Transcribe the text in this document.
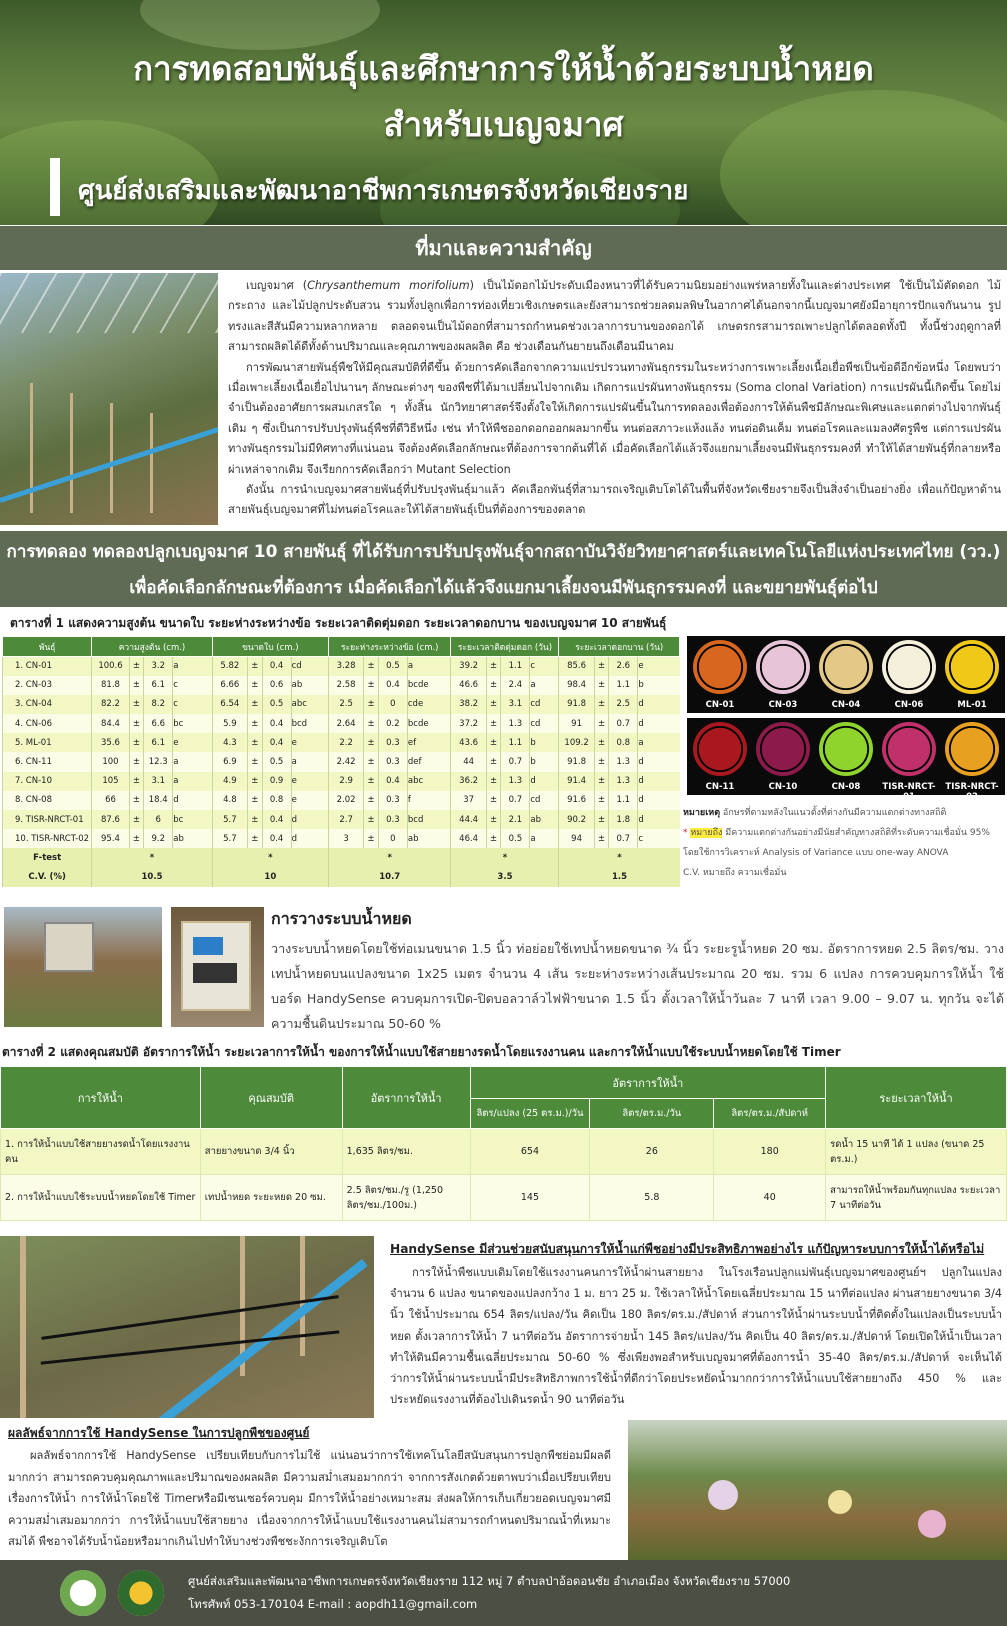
การทดสอบพันธุ์และศึกษาการให้น้ำด้วยระบบน้ำหยด
สำหรับเบญจมาศ
ศูนย์ส่งเสริมและพัฒนาอาชีพการเกษตรจังหวัดเชียงราย
ที่มาและความสำคัญ

เบญจมาศ (Chrysanthemum morifolium) เป็นไม้ดอกไม้ประดับเมืองหนาวที่ได้รับความนิยมอย่างแพร่หลายทั้งในและต่างประเทศ ใช้เป็นไม้ตัดดอก ไม้กระถาง และไม้ปลูกประดับสวน รวมทั้งปลูกเพื่อการท่องเที่ยวเชิงเกษตรและยังสามารถช่วยลดมลพิษในอากาศได้นอกจากนี้เบญจมาศยังมีอายุการปักแจกันนาน รูปทรงและสีสันมีความหลากหลาย ตลอดจนเป็นไม้ดอกที่สามารถกำหนดช่วงเวลาการบานของดอกได้ เกษตรกรสามารถเพาะปลูกได้ตลอดทั้งปี ทั้งนี้ช่วงฤดูกาลที่สามารถผลิตได้ดีทั้งด้านปริมาณและคุณภาพของผลผลิต คือ ช่วงเดือนกันยายนถึงเดือนมีนาคม

การพัฒนาสายพันธุ์พืชให้มีคุณสมบัติที่ดีขึ้น ด้วยการคัดเลือกจากความแปรปรวนทางพันธุกรรมในระหว่างการเพาะเลี้ยงเนื้อเยื่อพืชเป็นข้อดีอีกข้อหนึ่ง โดยพบว่าเมื่อเพาะเลี้ยงเนื้อเยื่อไปนานๆ ลักษณะต่างๆ ของพืชที่ได้มาเปลี่ยนไปจากเดิม เกิดการแปรผันทางพันธุกรรม (Soma clonal Variation) การแปรผันนี้เกิดขึ้น โดยไม่จำเป็นต้องอาศัยการผสมเกสรใด ๆ ทั้งสิ้น นักวิทยาศาสตร์จึงตั้งใจให้เกิดการแปรผันขึ้นในการทดลองเพื่อต้องการให้ต้นพืชมีลักษณะพิเศษและแตกต่างไปจากพันธุ์เดิม ๆ ซึ่งเป็นการปรับปรุงพันธุ์พืชที่ดีวิธีหนึ่ง เช่น ทำให้พืชออกดอกออกผลมากขึ้น ทนต่อสภาวะแห้งแล้ง ทนต่อดินเค็ม ทนต่อโรคและแมลงศัตรูพืช แต่การแปรผันทางพันธุกรรมไม่มีทิศทางที่แน่นอน จึงต้องคัดเลือกลักษณะที่ต้องการจากต้นที่ได้ เมื่อคัดเลือกได้แล้วจึงแยกมาเลี้ยงจนมีพันธุกรรมคงที่ ทำให้ได้สายพันธุ์ที่กลายหรือผ่าเหล่าจากเดิม จึงเรียกการคัดเลือกว่า Mutant Selection

ดังนั้น การนำเบญจมาศสายพันธุ์ที่ปรับปรุงพันธุ์มาแล้ว คัดเลือกพันธุ์ที่สามารถเจริญเติบโตได้ในพื้นที่จังหวัดเชียงรายจึงเป็นสิ่งจำเป็นอย่างยิ่ง เพื่อแก้ปัญหาด้านสายพันธุ์เบญจมาศที่ไม่ทนต่อโรคและให้ได้สายพันธุ์เป็นที่ต้องการของตลาด

การทดลอง ทดลองปลูกเบญจมาศ 10 สายพันธุ์ ที่ได้รับการปรับปรุงพันธุ์จากสถาบันวิจัยวิทยาศาสตร์และเทคโนโลยีแห่งประเทศไทย (วว.)
เพื่อคัดเลือกลักษณะที่ต้องการ เมื่อคัดเลือกได้แล้วจึงแยกมาเลี้ยงจนมีพันธุกรรมคงที่ และขยายพันธุ์ต่อไป
ตารางที่ 1 แสดงความสูงต้น ขนาดใบ ระยะห่างระหว่างข้อ ระยะเวลาติดตุ่มดอก ระยะเวลาดอกบาน ของเบญจมาศ 10 สายพันธุ์
พันธุ์	ความสูงต้น (cm.)				ขนาดใบ (cm.)				ระยะห่างระหว่างข้อ (cm.)				ระยะเวลาติดตุ่มดอก (วัน)				ระยะเวลาดอกบาน (วัน)			
1. CN-01	100.6	±	3.2	a	5.82	±	0.4	cd	3.28	±	0.5	a	39.2	±	1.1	c	85.6	±	2.6	e
2. CN-03	81.8	±	6.1	c	6.66	±	0.6	ab	2.58	±	0.4	bcde	46.6	±	2.4	a	98.4	±	1.1	b
3. CN-04	82.2	±	8.2	c	6.54	±	0.5	abc	2.5	±	0	cde	38.2	±	3.1	cd	91.8	±	2.5	d
4. CN-06	84.4	±	6.6	bc	5.9	±	0.4	bcd	2.64	±	0.2	bcde	37.2	±	1.3	cd	91	±	0.7	d
5. ML-01	35.6	±	6.1	e	4.3	±	0.4	e	2.2	±	0.3	ef	43.6	±	1.1	b	109.2	±	0.8	a
6. CN-11	100	±	12.3	a	6.9	±	0.5	a	2.42	±	0.3	def	44	±	0.7	b	91.8	±	1.3	d
7. CN-10	105	±	3.1	a	4.9	±	0.9	e	2.9	±	0.4	abc	36.2	±	1.3	d	91.4	±	1.3	d
8. CN-08	66	±	18.4	d	4.8	±	0.8	e	2.02	±	0.3	f	37	±	0.7	cd	91.6	±	1.1	d
9. TISR-NRCT-01	87.6	±	6	bc	5.7	±	0.4	d	2.7	±	0.3	bcd	44.4	±	2.1	ab	90.2	±	1.8	d
10. TISR-NRCT-02	95.4	±	9.2	ab	5.7	±	0.4	d	3	±	0	ab	46.4	±	0.5	a	94	±	0.7	c
F-test	*				*				*				*				*			
C.V. (%)	10.5				10				10.7				3.5				1.5			
CN-01	CN-03	CN-04	CN-06	ML-01
CN-11	CN-10	CN-08	TISR-NRCT-01
TISR-NRCT-02
หมายเหตุ อักษรที่ตามหลังในแนวตั้งที่ต่างกันมีความแตกต่างทางสถิติ
* หมายถึง มีความแตกต่างกันอย่างมีนัยสำคัญทางสถิติที่ระดับความเชื่อมั่น 95%
โดยใช้การวิเคราะห์ Analysis of Variance แบบ one-way ANOVA
C.V. หมายถึง ความเชื่อมั่น
การวางระบบน้ำหยด
วางระบบน้ำหยดโดยใช้ท่อเมนขนาด 1.5 นิ้ว ท่อย่อยใช้เทปน้ำหยดขนาด ¾ นิ้ว ระยะรูน้ำหยด 20 ซม. อัตราการหยด 2.5 ลิตร/ชม. วางเทปน้ำหยดบนแปลงขนาด 1x25 เมตร จำนวน 4 เส้น ระยะห่างระหว่างเส้นประมาณ 20 ซม. รวม 6 แปลง การควบคุมการให้น้ำ ใช้บอร์ด HandySense ควบคุมการเปิด-ปิดบอลวาล์วไฟฟ้าขนาด 1.5 นิ้ว ตั้งเวลาให้น้ำวันละ 7 นาที เวลา 9.00 – 9.07 น. ทุกวัน จะได้ความชื้นดินประมาณ 50-60 %
ตารางที่ 2 แสดงคุณสมบัติ อัตราการให้น้ำ ระยะเวลาการให้น้ำ ของการให้น้ำแบบใช้สายยางรดน้ำโดยแรงงานคน และการให้น้ำแบบใช้ระบบน้ำหยดโดยใช้ Timer
การให้น้ำ	คุณสมบัติ	อัตราการให้น้ำ	อัตราการให้น้ำ			ระยะเวลาให้น้ำ
			ลิตร/แปลง (25 ตร.ม.)/วัน	ลิตร/ตร.ม./วัน	ลิตร/ตร.ม./สัปดาห์	
1. การให้น้ำแบบใช้สายยางรดน้ำโดยแรงงานคน	สายยางขนาด 3/4 นิ้ว	1,635 ลิตร/ชม.	654	26	180	รดน้ำ 15 นาที ได้ 1 แปลง (ขนาด 25 ตร.ม.)
2. การให้น้ำแบบใช้ระบบน้ำหยดโดยใช้ Timer	เทปน้ำหยด ระยะหยด 20 ซม.	2.5 ลิตร/ชม./รู (1,250 ลิตร/ชม./100ม.)	145	5.8	40	สามารถให้น้ำพร้อมกันทุกแปลง ระยะเวลา 7 นาทีต่อวัน
HandySense มีส่วนช่วยสนับสนุนการให้น้ำแก่พืชอย่างมีประสิทธิภาพอย่างไร แก้ปัญหาระบบการให้น้ำได้หรือไม่
การให้น้ำพืชแบบเดิมโดยใช้แรงงานคนการให้น้ำผ่านสายยาง ในโรงเรือนปลูกแม่พันธุ์เบญจมาศของศูนย์ฯ ปลูกในแปลงจำนวน 6 แปลง ขนาดของแปลงกว้าง 1 ม. ยาว 25 ม. ใช้เวลาให้น้ำโดยเฉลี่ยประมาณ 15 นาทีต่อแปลง ผ่านสายยางขนาด 3/4 นิ้ว ใช้น้ำประมาณ 654 ลิตร/แปลง/วัน คิดเป็น 180 ลิตร/ตร.ม./สัปดาห์ ส่วนการให้น้ำผ่านระบบน้ำที่ติดตั้งในแปลงเป็นระบบน้ำหยด ตั้งเวลาการให้น้ำ 7 นาทีต่อวัน อัตราการจ่ายน้ำ 145 ลิตร/แปลง/วัน คิดเป็น 40 ลิตร/ตร.ม./สัปดาห์ โดยเปิดให้น้ำเป็นเวลาทำให้ดินมีความชื้นเฉลี่ยประมาณ 50-60 % ซึ่งเพียงพอสำหรับเบญจมาศที่ต้องการน้ำ 35-40 ลิตร/ตร.ม./สัปดาห์ จะเห็นได้ว่าการให้น้ำผ่านระบบน้ำมีประสิทธิภาพการใช้น้ำที่ดีกว่าโดยประหยัดน้ำมากกว่าการให้น้ำแบบใช้สายยางถึง 450 % และประหยัดแรงงานที่ต้องไปเดินรดน้ำ 90 นาทีต่อวัน
ผลลัพธ์จากการใช้ HandySense ในการปลูกพืชของศูนย์
ผลลัพธ์จากการใช้ HandySense เปรียบเทียบกับการไม่ใช้ แน่นอนว่าการใช้เทคโนโลยีสนับสนุนการปลูกพืชย่อมมีผลดีมากกว่า สามารถควบคุมคุณภาพและปริมาณของผลผลิต มีความสม่ำเสมอมากกว่า จากการสังเกตด้วยตาพบว่าเมื่อเปรียบเทียบเรื่องการให้น้ำ การให้น้ำโดยใช้ Timerหรือมีเซนเซอร์ควบคุม มีการให้น้ำอย่างเหมาะสม ส่งผลให้การเก็บเกี่ยวยอดเบญจมาศมีความสม่ำเสมอมากกว่า การให้น้ำแบบใช้สายยาง เนื่องจากการให้น้ำแบบใช้แรงงานคนไม่สามารถกำหนดปริมาณน้ำที่เหมาะสมได้ พืชอาจได้รับน้ำน้อยหรือมากเกินไปทำให้บางช่วงพืชชะงักการเจริญเติบโต
ศูนย์ส่งเสริมและพัฒนาอาชีพการเกษตรจังหวัดเชียงราย 112 หมู่ 7 ตำบลป่าอ้อดอนชัย อำเภอเมือง จังหวัดเชียงราย 57000
โทรศัพท์ 053-170104 E-mail : aopdh11@gmail.com
